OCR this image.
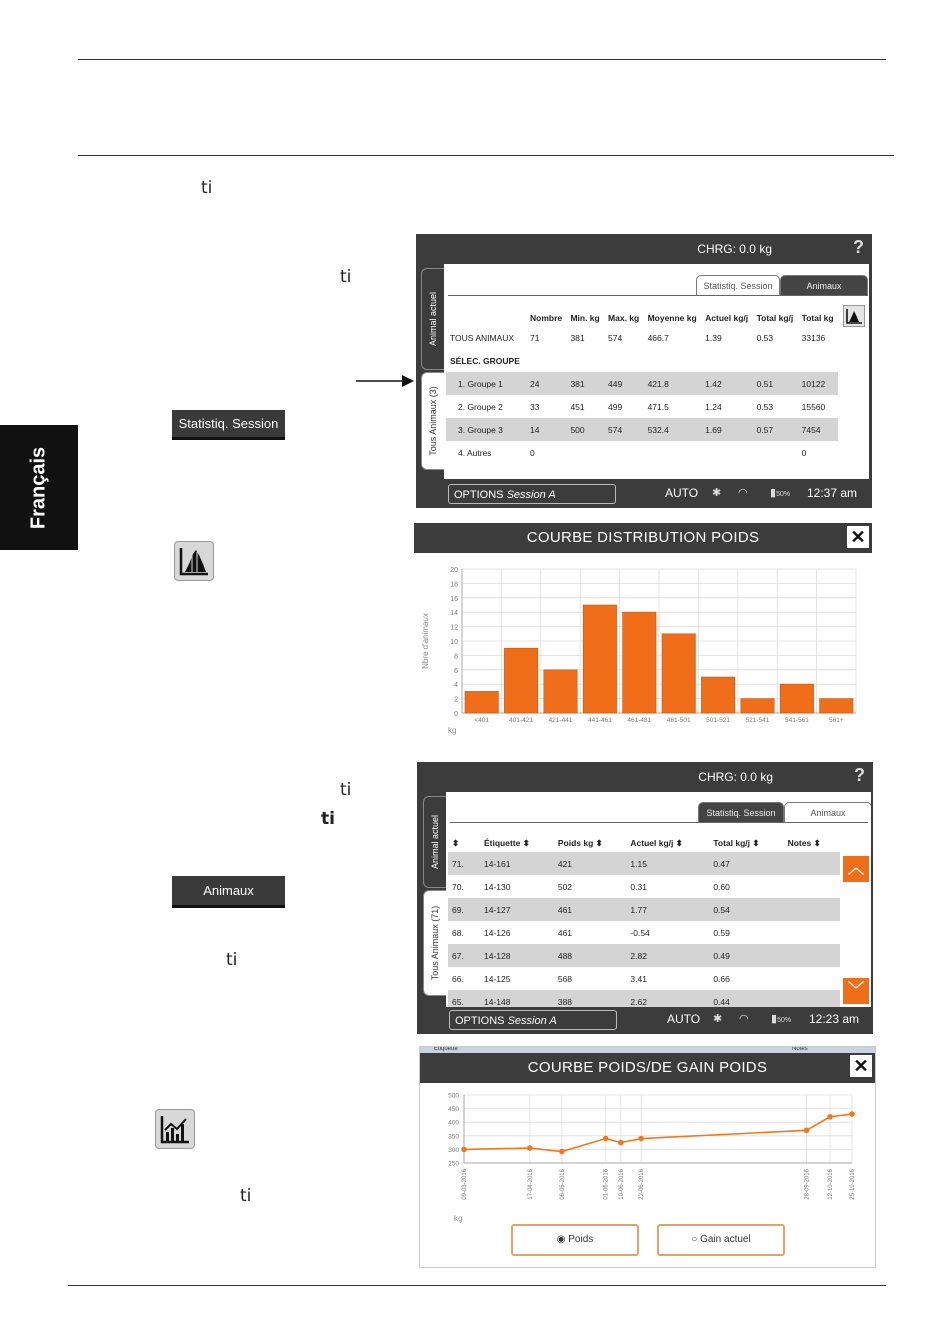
ti
ti
ti
ti
ti
ti
Français
Statistiq. Session
Animaux
CHRG: 0.0 kg	?
Animal actuel
Tous Animaux (3)
Statistiq. Session	Animaux
	Nombre	Min. kg	Max. kg	Moyenne kg	Actuel kg/j	Total kg/j	Total kg
TOUS ANIMAUX	71	381	574	466.7	1.39	0.53	33136
SÉLEC. GROUPE							
1. Groupe 1	24	381	449	421.8	1.42	0.51	10122
2. Groupe 2	33	451	499	471.5	1.24	0.53	15560
3. Groupe 3	14	500	574	532.4	1.69	0.57	7454
4. Autres	0						0
OPTIONS Session A	AUTO ✱ ◠ ▮50% 12:37 am
COURBE DISTRIBUTION POIDS	✕
0
2
4
6
8
10
12
14
16
18
20
<401	401-421 421-441 441-461 461-481 481-501 501-521 521-541 541-561	561+
Nbre d'animaux
kg
CHRG: 0.0 kg	?
Animal actuel
Tous Animaux (71)
Statistiq. Session	Animaux
⬍	Étiquette ⬍	Poids kg ⬍	Actuel kg/j ⬍	Total kg/j ⬍	Notes ⬍
71.	14-161	421	1.15	0.47	
70.	14-130	502	0.31	0.60	
69.	14-127	461	1.77	0.54	
68.	14-126	461	-0.54	0.59	
67.	14-128	488	2.82	0.49	
66.	14-125	568	3.41	0.66	
65.	14-148	388	2.62	0.44	
︿
﹀
OPTIONS Session A	AUTO ✱ ◠ ▮50% 12:23 am
Étiquette	Notes
COURBE POIDS/DE GAIN POIDS	✕
250
300
350
400
450
500
09-03-2016	17-04-2016	06-05-2016	01-06-2016 10-06-2016 22-06-2016	28-09-2016	12-10-2016	25-10-2016
kg
◉ Poids	○ Gain actuel
